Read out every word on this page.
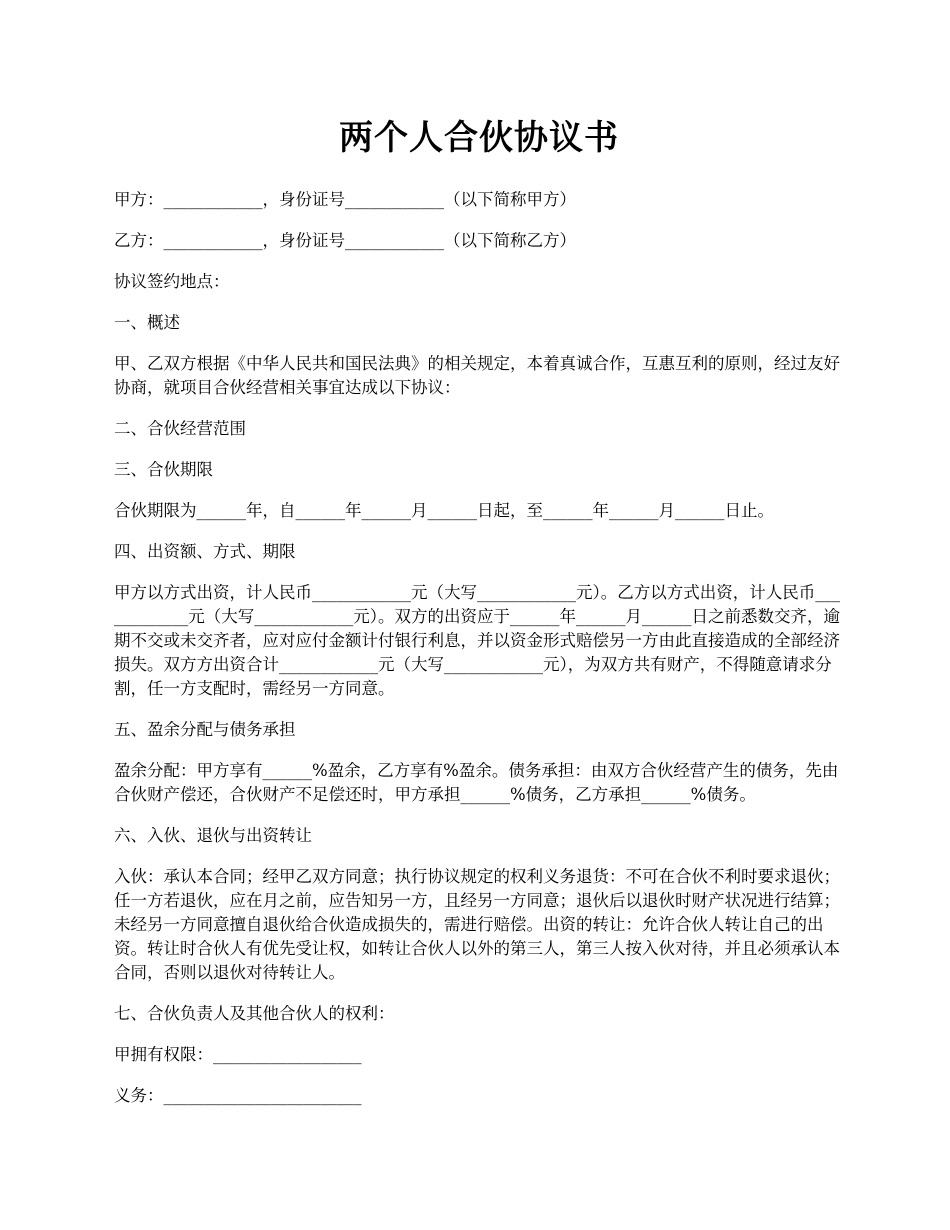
两个人合伙协议书
甲方：____________，身份证号____________（以下简称甲方）
乙方：____________，身份证号____________（以下简称乙方）
协议签约地点：
一、概述
甲、乙双方根据《中华人民共和国民法典》的相关规定，本着真诚合作，互惠互利的原则，经过友好协商，就项目合伙经营相关事宜达成以下协议：
二、合伙经营范围
三、合伙期限
合伙期限为______年，自______年______月______日起，至______年______月______日止。
四、出资额、方式、期限
甲方以方式出资，计人民币____________元（大写____________元）。乙方以方式出资，计人民币____________元（大写____________元）。双方的出资应于______年______月______日之前悉数交齐，逾期不交或未交齐者，应对应付金额计付银行利息，并以资金形式赔偿另一方由此直接造成的全部经济损失。双方方出资合计____________元（大写____________元），为双方共有财产，不得随意请求分割，任一方支配时，需经另一方同意。
五、盈余分配与债务承担
盈余分配：甲方享有______%盈余，乙方享有%盈余。债务承担：由双方合伙经营产生的债务，先由合伙财产偿还，合伙财产不足偿还时，甲方承担______%债务，乙方承担______%债务。
六、入伙、退伙与出资转让
入伙：承认本合同；经甲乙双方同意；执行协议规定的权利义务退货：不可在合伙不利时要求退伙；任一方若退伙，应在月之前，应告知另一方，且经另一方同意；退伙后以退伙时财产状况进行结算；未经另一方同意擅自退伙给合伙造成损失的，需进行赔偿。出资的转让：允许合伙人转让自己的出资。转让时合伙人有优先受让权，如转让合伙人以外的第三人，第三人按入伙对待，并且必须承认本合同，否则以退伙对待转让人。
七、合伙负责人及其他合伙人的权利：
甲拥有权限：__________________
义务：________________________
